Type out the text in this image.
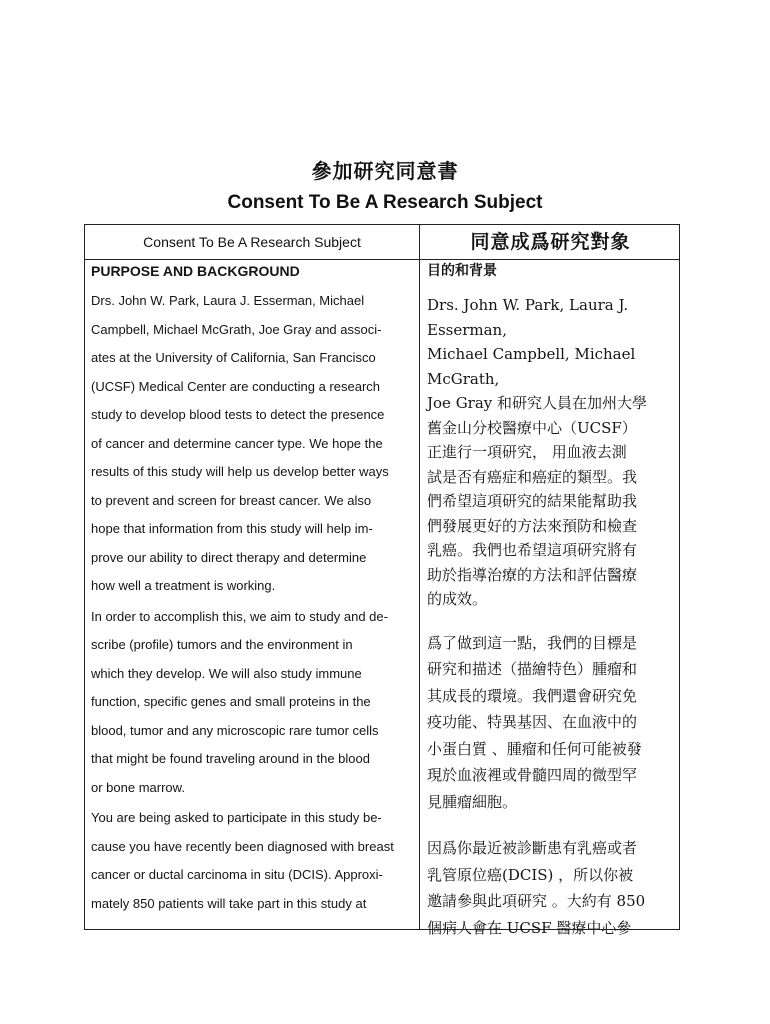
參加研究同意書
Consent To Be A Research Subject
Consent To Be A Research Subject	同意成爲研究對象
PURPOSE AND BACKGROUND

Drs. John W. Park, Laura J. Esserman, Michael
Campbell, Michael McGrath, Joe Gray and associ-
ates at the University of California, San Francisco
(UCSF) Medical Center are conducting a research
study to develop blood tests to detect the presence
of cancer and determine cancer type. We hope the
results of this study will help us develop better ways
to prevent and screen for breast cancer. We also
hope that information from this study will help im-
prove our ability to direct therapy and determine
how well a treatment is working.

In order to accomplish this, we aim to study and de-
scribe (profile) tumors and the environment in
which they develop. We will also study immune
function, specific genes and small proteins in the
blood, tumor and any microscopic rare tumor cells
that might be found traveling around in the blood
or bone marrow.

You are being asked to participate in this study be-
cause you have recently been diagnosed with breast
cancer or ductal carcinoma in situ (DCIS). Approxi-
mately 850 patients will take part in this study at

目的和背景

Drs. John W. Park, Laura J. Esserman,
Michael Campbell, Michael McGrath,
Joe Gray 和研究人員在加州大學
舊金山分校醫療中心（UCSF）
正進行一項研究， 用血液去測
試是否有癌症和癌症的類型。我
們希望這項研究的結果能幫助我
們發展更好的方法來預防和檢查
乳癌。我們也希望這項研究將有
助於指導治療的方法和評估醫療
的成效。

爲了做到這一點，我們的目標是
研究和描述（描繪特色）腫瘤和
其成長的環境。我們還會研究免
疫功能、特異基因、在血液中的
小蛋白質 、腫瘤和任何可能被發
現於血液裡或骨髓四周的微型罕
見腫瘤細胞。

因爲你最近被診斷患有乳癌或者
乳管原位癌(DCIS) ，所以你被
邀請參與此項研究 。大約有 850
個病人會在 UCSF 醫療中心參
